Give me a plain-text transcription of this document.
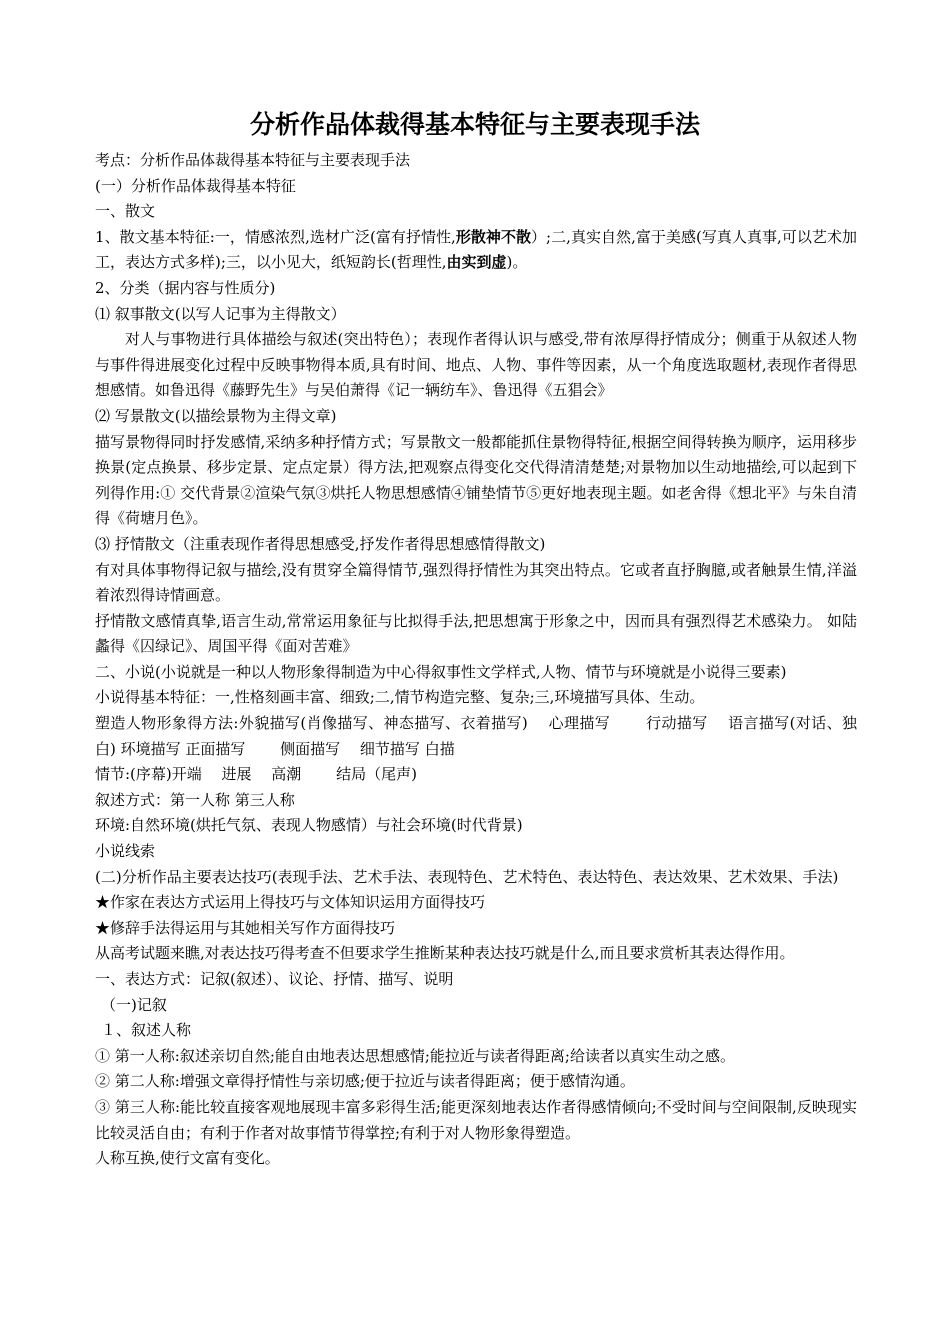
分析作品体裁得基本特征与主要表现手法

考点：分析作品体裁得基本特征与主要表现手法

(一）分析作品体裁得基本特征

一、散文

1、散文基本特征:一，情感浓烈,选材广泛(富有抒情性,形散神不散）;二,真实自然,富于美感(写真人真事,可以艺术加工，表达方式多样);三，以小见大，纸短韵长(哲理性,由实到虚)。

2、分类（据内容与性质分)

⑴ 叙事散文(以写人记事为主得散文）

对人与事物进行具体描绘与叙述(突出特色）；表现作者得认识与感受,带有浓厚得抒情成分；侧重于从叙述人物与事件得进展变化过程中反映事物得本质,具有时间、地点、人物、事件等因素，从一个角度选取题材,表现作者得思想感情。如鲁迅得《藤野先生》与吴伯萧得《记一辆纺车》、鲁迅得《五猖会》

⑵ 写景散文(以描绘景物为主得文章)

描写景物得同时抒发感情,采纳多种抒情方式；写景散文一般都能抓住景物得特征,根据空间得转换为顺序，运用移步换景(定点换景、移步定景、定点定景）得方法,把观察点得变化交代得清清楚楚;对景物加以生动地描绘,可以起到下列得作用:① 交代背景②渲染气氛③烘托人物思想感情④铺垫情节⑤更好地表现主题。如老舍得《想北平》与朱自清得《荷塘月色》。

⑶ 抒情散文（注重表现作者得思想感受,抒发作者得思想感情得散文)

有对具体事物得记叙与描绘,没有贯穿全篇得情节,强烈得抒情性为其突出特点。它或者直抒胸臆,或者触景生情,洋溢着浓烈得诗情画意。

抒情散文感情真挚,语言生动,常常运用象征与比拟得手法,把思想寓于形象之中，因而具有强烈得艺术感染力。 如陆蠡得《囚绿记》、周国平得《面对苦难》

二、小说(小说就是一种以人物形象得制造为中心得叙事性文学样式,人物、情节与环境就是小说得三要素)

小说得基本特征：一,性格刻画丰富、细致;二,情节构造完整、复杂;三,环境描写具体、生动。

塑造人物形象得方法:外貌描写(肖像描写、神态描写、衣着描写)　 心理描写　　 行动描写　 语言描写(对话、独白) 环境描写 正面描写　　 侧面描写　 细节描写 白描

情节:(序幕)开端　 进展　 高潮　　 结局（尾声)

叙述方式：第一人称 第三人称

环境:自然环境(烘托气氛、表现人物感情）与社会环境(时代背景)

小说线索

(二)分析作品主要表达技巧(表现手法、艺术手法、表现特色、艺术特色、表达特色、表达效果、艺术效果、手法)

★作家在表达方式运用上得技巧与文体知识运用方面得技巧

★修辞手法得运用与其她相关写作方面得技巧

从高考试题来瞧,对表达技巧得考查不但要求学生推断某种表达技巧就是什么,而且要求赏析其表达得作用。

一、表达方式：记叙(叙述）、议论、抒情、描写、说明

（一)记叙

１、叙述人称

① 第一人称:叙述亲切自然;能自由地表达思想感情;能拉近与读者得距离;给读者以真实生动之感。

② 第二人称:增强文章得抒情性与亲切感;便于拉近与读者得距离；便于感情沟通。

③ 第三人称:能比较直接客观地展现丰富多彩得生活;能更深刻地表达作者得感情倾向;不受时间与空间限制,反映现实比较灵活自由；有利于作者对故事情节得掌控;有利于对人物形象得塑造。

人称互换,使行文富有变化。
